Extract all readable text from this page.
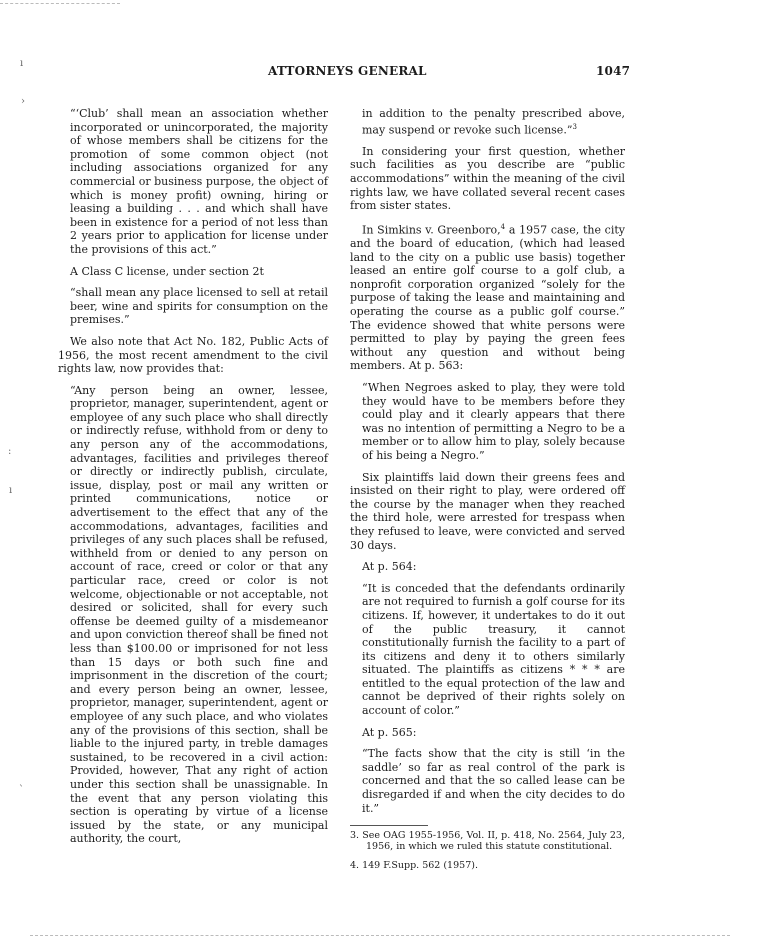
ı
›
:
ı
ˋ
ATTORNEYS GENERAL	1047

“‘Club’ shall mean an association whether incorporated or unincorporated, the majority of whose members shall be citizens for the promotion of some common object (not including associations organized for any commercial or business purpose, the object of which is money profit) owning, hiring or leasing a building . . . and which shall have been in existence for a period of not less than 2 years prior to application for license under the provisions of this act.”

A Class C license, under section 2t

“shall mean any place licensed to sell at retail beer, wine and spirits for consumption on the premises.”

We also note that Act No. 182, Public Acts of 1956, the most recent amendment to the civil rights law, now provides that:

“Any person being an owner, lessee, proprietor, manager, superintendent, agent or employee of any such place who shall directly or indirectly refuse, withhold from or deny to any person any of the accommodations, advantages, facilities and privileges thereof or directly or indirectly publish, circulate, issue, display, post or mail any written or printed communications, notice or advertisement to the effect that any of the accommodations, advantages, facilities and privileges of any such places shall be refused, withheld from or denied to any person on account of race, creed or color or that any particular race, creed or color is not welcome, objectionable or not acceptable, not desired or solicited, shall for every such offense be deemed guilty of a misdemeanor and upon conviction thereof shall be fined not less than $100.00 or imprisoned for not less than 15 days or both such fine and imprisonment in the discretion of the court; and every person being an owner, lessee, proprietor, manager, superintendent, agent or employee of any such place, and who violates any of the provisions of this section, shall be liable to the injured party, in treble damages sustained, to be recovered in a civil action: Provided, however, That any right of action under this section shall be unassignable. In the event that any person violating this section is operating by virtue of a license issued by the state, or any municipal authority, the court,

in addition to the penalty prescribed above, may suspend or revoke such license.”$^3$

In considering your first question, whether such facilities as you describe are “public accommodations” within the meaning of the civil rights law, we have collated several recent cases from sister states.

In Simkins v. Greenboro,$^4$ a 1957 case, the city and the board of education, (which had leased land to the city on a public use basis) together leased an entire golf course to a golf club, a nonprofit corporation organized “solely for the purpose of taking the lease and maintaining and operating the course as a public golf course.” The evidence showed that white persons were permitted to play by paying the green fees without any question and without being members. At p. 563:

“When Negroes asked to play, they were told they would have to be members before they could play and it clearly appears that there was no intention of permitting a Negro to be a member or to allow him to play, solely because of his being a Negro.”

Six plaintiffs laid down their greens fees and insisted on their right to play, were ordered off the course by the manager when they reached the third hole, were arrested for trespass when they refused to leave, were convicted and served 30 days.

At p. 564:

“It is conceded that the defendants ordinarily are not required to furnish a golf course for its citizens. If, however, it undertakes to do it out of the public treasury, it cannot constitutionally furnish the facility to a part of its citizens and deny it to others similarly situated. The plaintiffs as citizens * * * are entitled to the equal protection of the law and cannot be deprived of their rights solely on account of color.”

At p. 565:

“The facts show that the city is still ‘in the saddle’ so far as real control of the park is concerned and that the so called lease can be disregarded if and when the city decides to do it.”

3. See OAG 1955-1956, Vol. II, p. 418, No. 2564, July 23, 1956, in which we ruled this statute constitutional.

4. 149 F.Supp. 562 (1957).
